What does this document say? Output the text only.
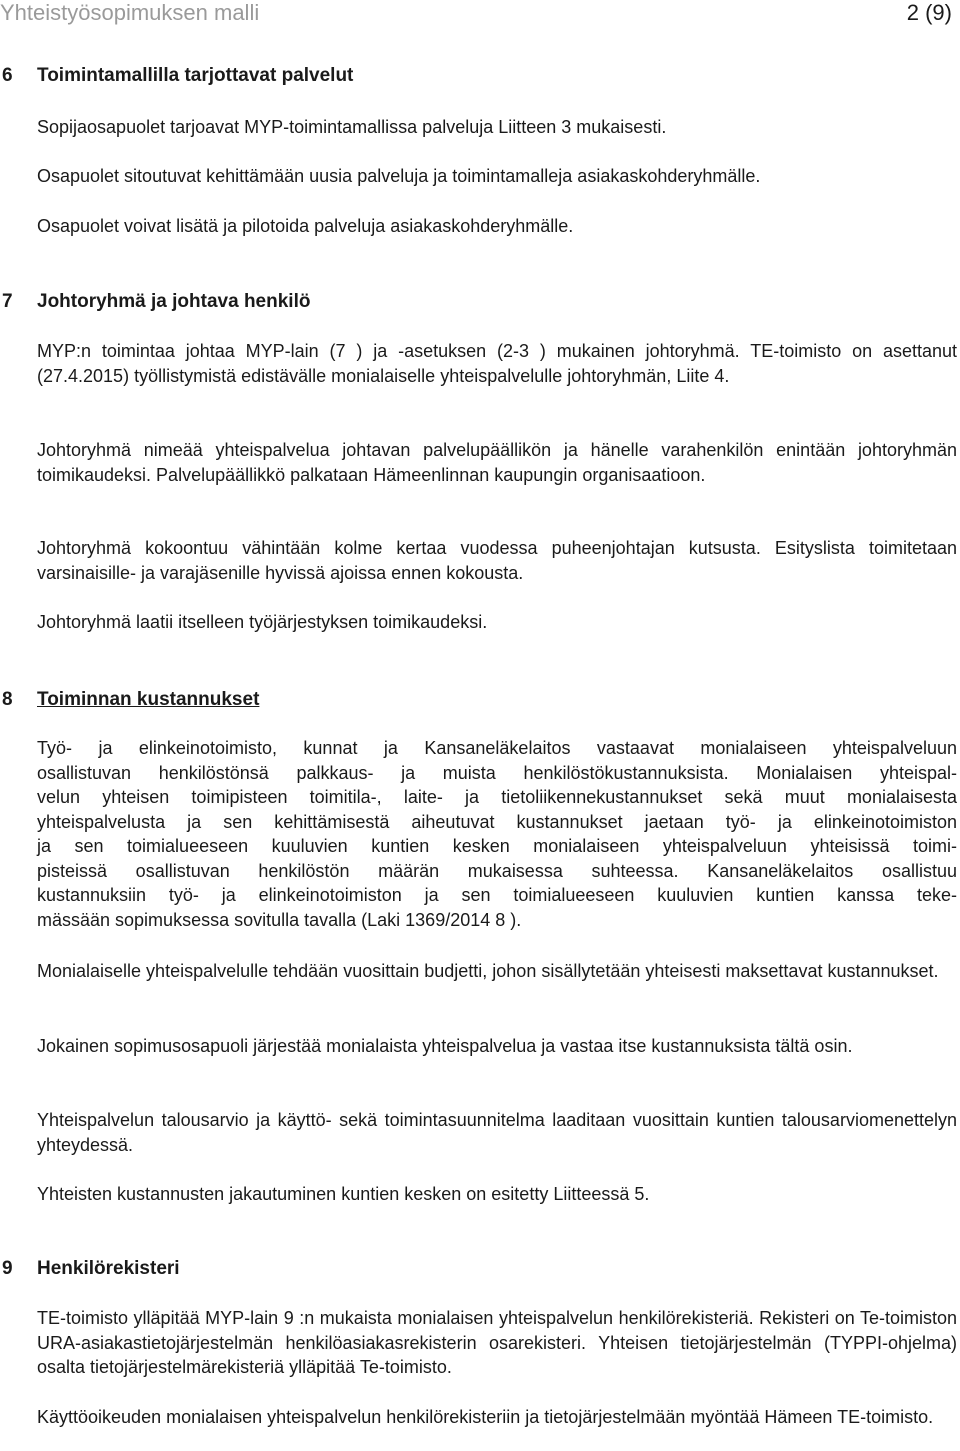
Yhteistyösopimuksen malli	2 (9)
6 Toimintamallilla tarjottavat palvelut

Sopijaosapuolet tarjoavat MYP-toimintamallissa palveluja Liitteen 3 mukaisesti.

Osapuolet sitoutuvat kehittämään uusia palveluja ja toimintamalleja asiakaskohderyhmälle.

Osapuolet voivat lisätä ja pilotoida palveluja asiakaskohderyhmälle.

7 Johtoryhmä ja johtava henkilö

MYP:n toimintaa johtaa MYP-lain (7 ) ja -asetuksen (2-3 ) mukainen johtoryhmä. TE-toimisto on asettanut (27.4.2015) työllistymistä edistävälle monialaiselle yhteispalvelulle johtoryhmän, Liite 4.

Johtoryhmä nimeää yhteispalvelua johtavan palvelupäällikön ja hänelle varahenkilön enintään johtoryhmän toimikaudeksi. Palvelupäällikkö palkataan Hämeenlinnan kaupungin organisaatioon.

Johtoryhmä kokoontuu vähintään kolme kertaa vuodessa puheenjohtajan kutsusta. Esityslista toimitetaan varsinaisille- ja varajäsenille hyvissä ajoissa ennen kokousta.

Johtoryhmä laatii itselleen työjärjestyksen toimikaudeksi.

8 Toiminnan kustannukset
Työ- ja elinkeinotoimisto, kunnat ja Kansaneläkelaitos vastaavat monialaiseen yhteispalveluun
osallistuvan henkilöstönsä palkkaus- ja muista henkilöstökustannuksista. Monialaisen yhteispal-
velun yhteisen toimipisteen toimitila-, laite- ja tietoliikennekustannukset sekä muut monialaisesta
yhteispalvelusta ja sen kehittämisestä aiheutuvat kustannukset jaetaan työ- ja elinkeinotoimiston
ja sen toimialueeseen kuuluvien kuntien kesken monialaiseen yhteispalveluun yhteisissä toimi-
pisteissä osallistuvan henkilöstön määrän mukaisessa suhteessa. Kansaneläkelaitos osallistuu
kustannuksiin työ- ja elinkeinotoimiston ja sen toimialueeseen kuuluvien kuntien kanssa teke-
mässään sopimuksessa sovitulla tavalla (Laki 1369/2014 8 ).

Monialaiselle yhteispalvelulle tehdään vuosittain budjetti, johon sisällytetään yhteisesti maksettavat kustannukset.

Jokainen sopimusosapuoli järjestää monialaista yhteispalvelua ja vastaa itse kustannuksista tältä osin.

Yhteispalvelun talousarvio ja käyttö- sekä toimintasuunnitelma laaditaan vuosittain kuntien talousarviomenettelyn yhteydessä.

Yhteisten kustannusten jakautuminen kuntien kesken on esitetty Liitteessä 5.

9 Henkilörekisteri

TE-toimisto ylläpitää MYP-lain 9 :n mukaista monialaisen yhteispalvelun henkilörekisteriä. Rekisteri on Te-toimiston URA-asiakastietojärjestelmän henkilöasiakasrekisterin osarekisteri. Yhteisen tietojärjestelmän (TYPPI-ohjelma) osalta tietojärjestelmärekisteriä ylläpitää Te-toimisto.

Käyttöoikeuden monialaisen yhteispalvelun henkilörekisteriin ja tietojärjestelmään myöntää Hämeen TE-toimisto.
